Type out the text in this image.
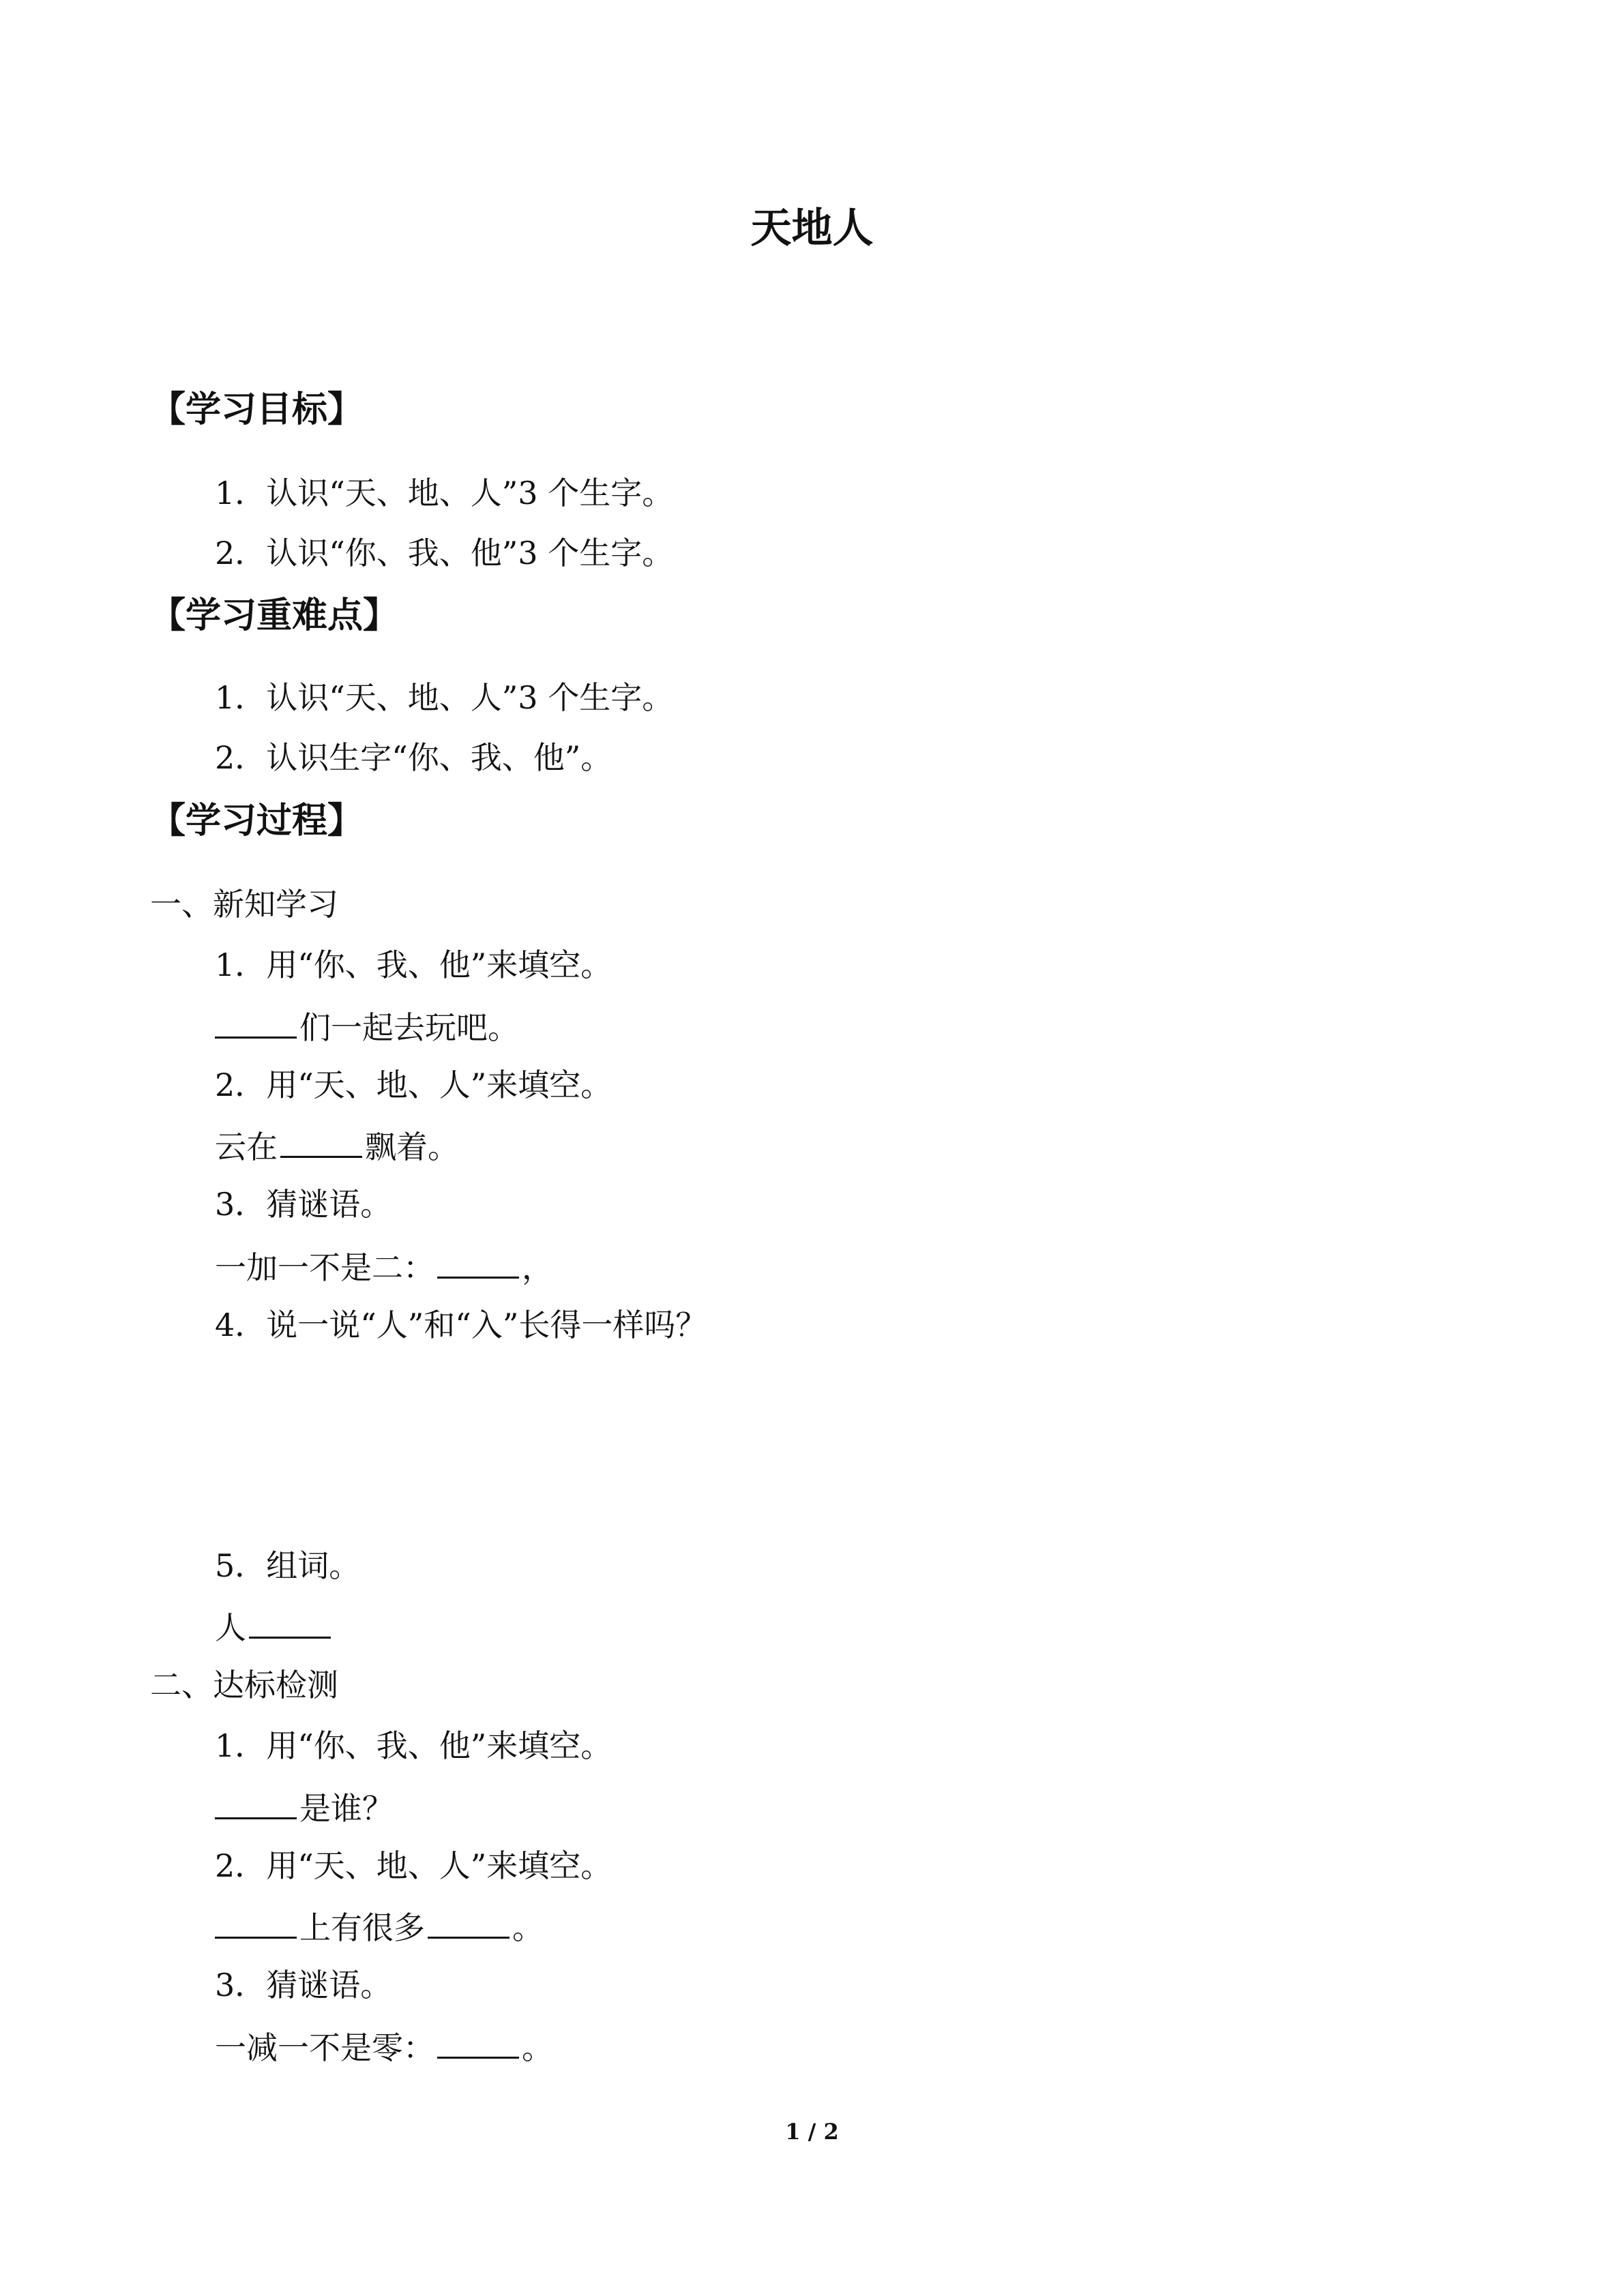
天地人
【学习目标】
1．认识“天、地、人”3 个生字。
2．认识“你、我、他”3 个生字。
【学习重难点】
1．认识“天、地、人”3 个生字。
2．认识生字“你、我、他”。
【学习过程】
一、新知学习
1．用“你、我、他”来填空。
们一起去玩吧。
2．用“天、地、人”来填空。
云在	飘着。
3．猜谜语。
一加一不是二：	，
4．说一说“人”和“入”长得一样吗？
5．组词。
人
二、达标检测
1．用“你、我、他”来填空。
是谁？
2．用“天、地、人”来填空。
上有很多	。
3．猜谜语。
一减一不是零：	。
1 / 2
